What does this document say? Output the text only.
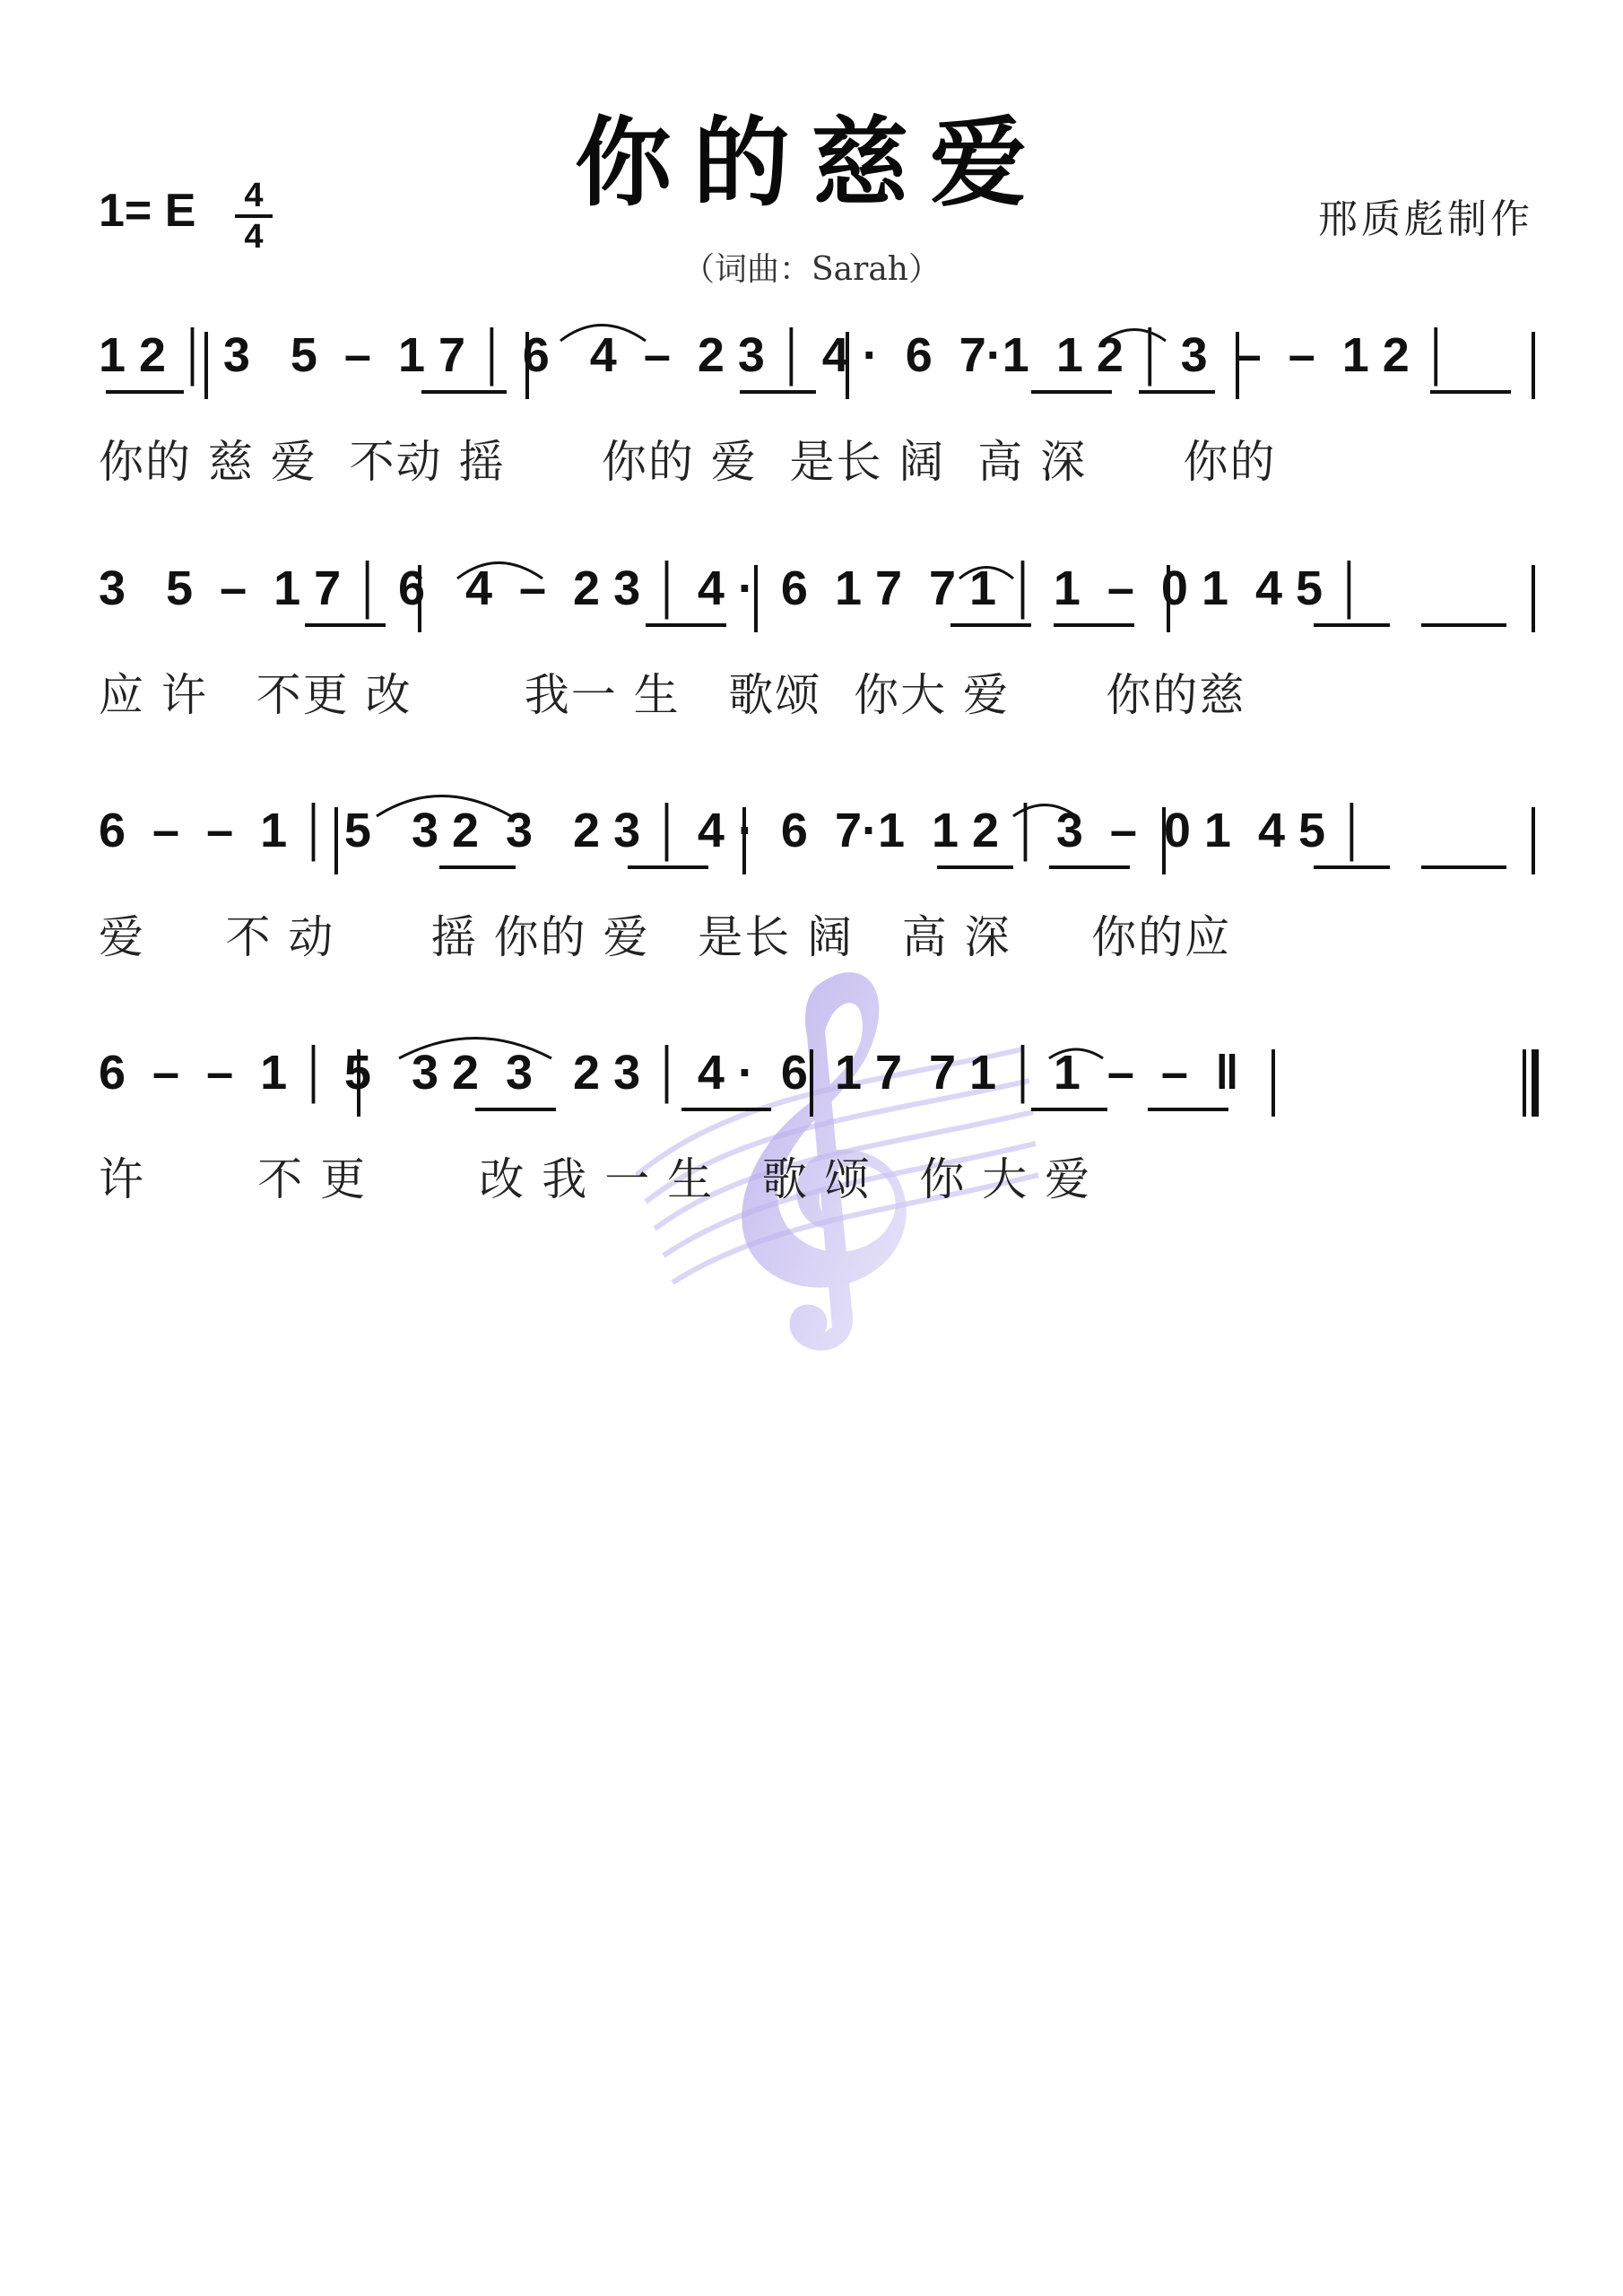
你的慈爱
1= E 4
4	邢质彪制作
（词曲：Sarah）
1 2 │ 3   5  –  1 7 │ 6   4  –  2 3 │ 4 ·  6  7·1  1 2 │ 3  –  –  1 2 │
你的 慈 爱  不动 摇      你的 爱  是长 阔  高 深      你的
3   5  –  1 7 │ 6   4  –  2 3 │ 4 ·  6  1 7  7 1 │ 1  –  0 1  4 5 │
应 许   不更 改       我一 生   歌颂  你大 爱      你的慈
6  –  –  1 │ 5   3 2  3   2 3 │ 4 ·  6  7·1  1 2 │ 3  –  0 1  4 5 │
爱     不 动      摇 你的 爱   是长 阔   高 深     你的应
6  –  –  1 │ 5   3 2  3   2 3 │ 4 ·  6  1 7  7 1 │ 1  –  –  ‖
许       不 更       改 我 一 生   歌 颂   你 大 爱
